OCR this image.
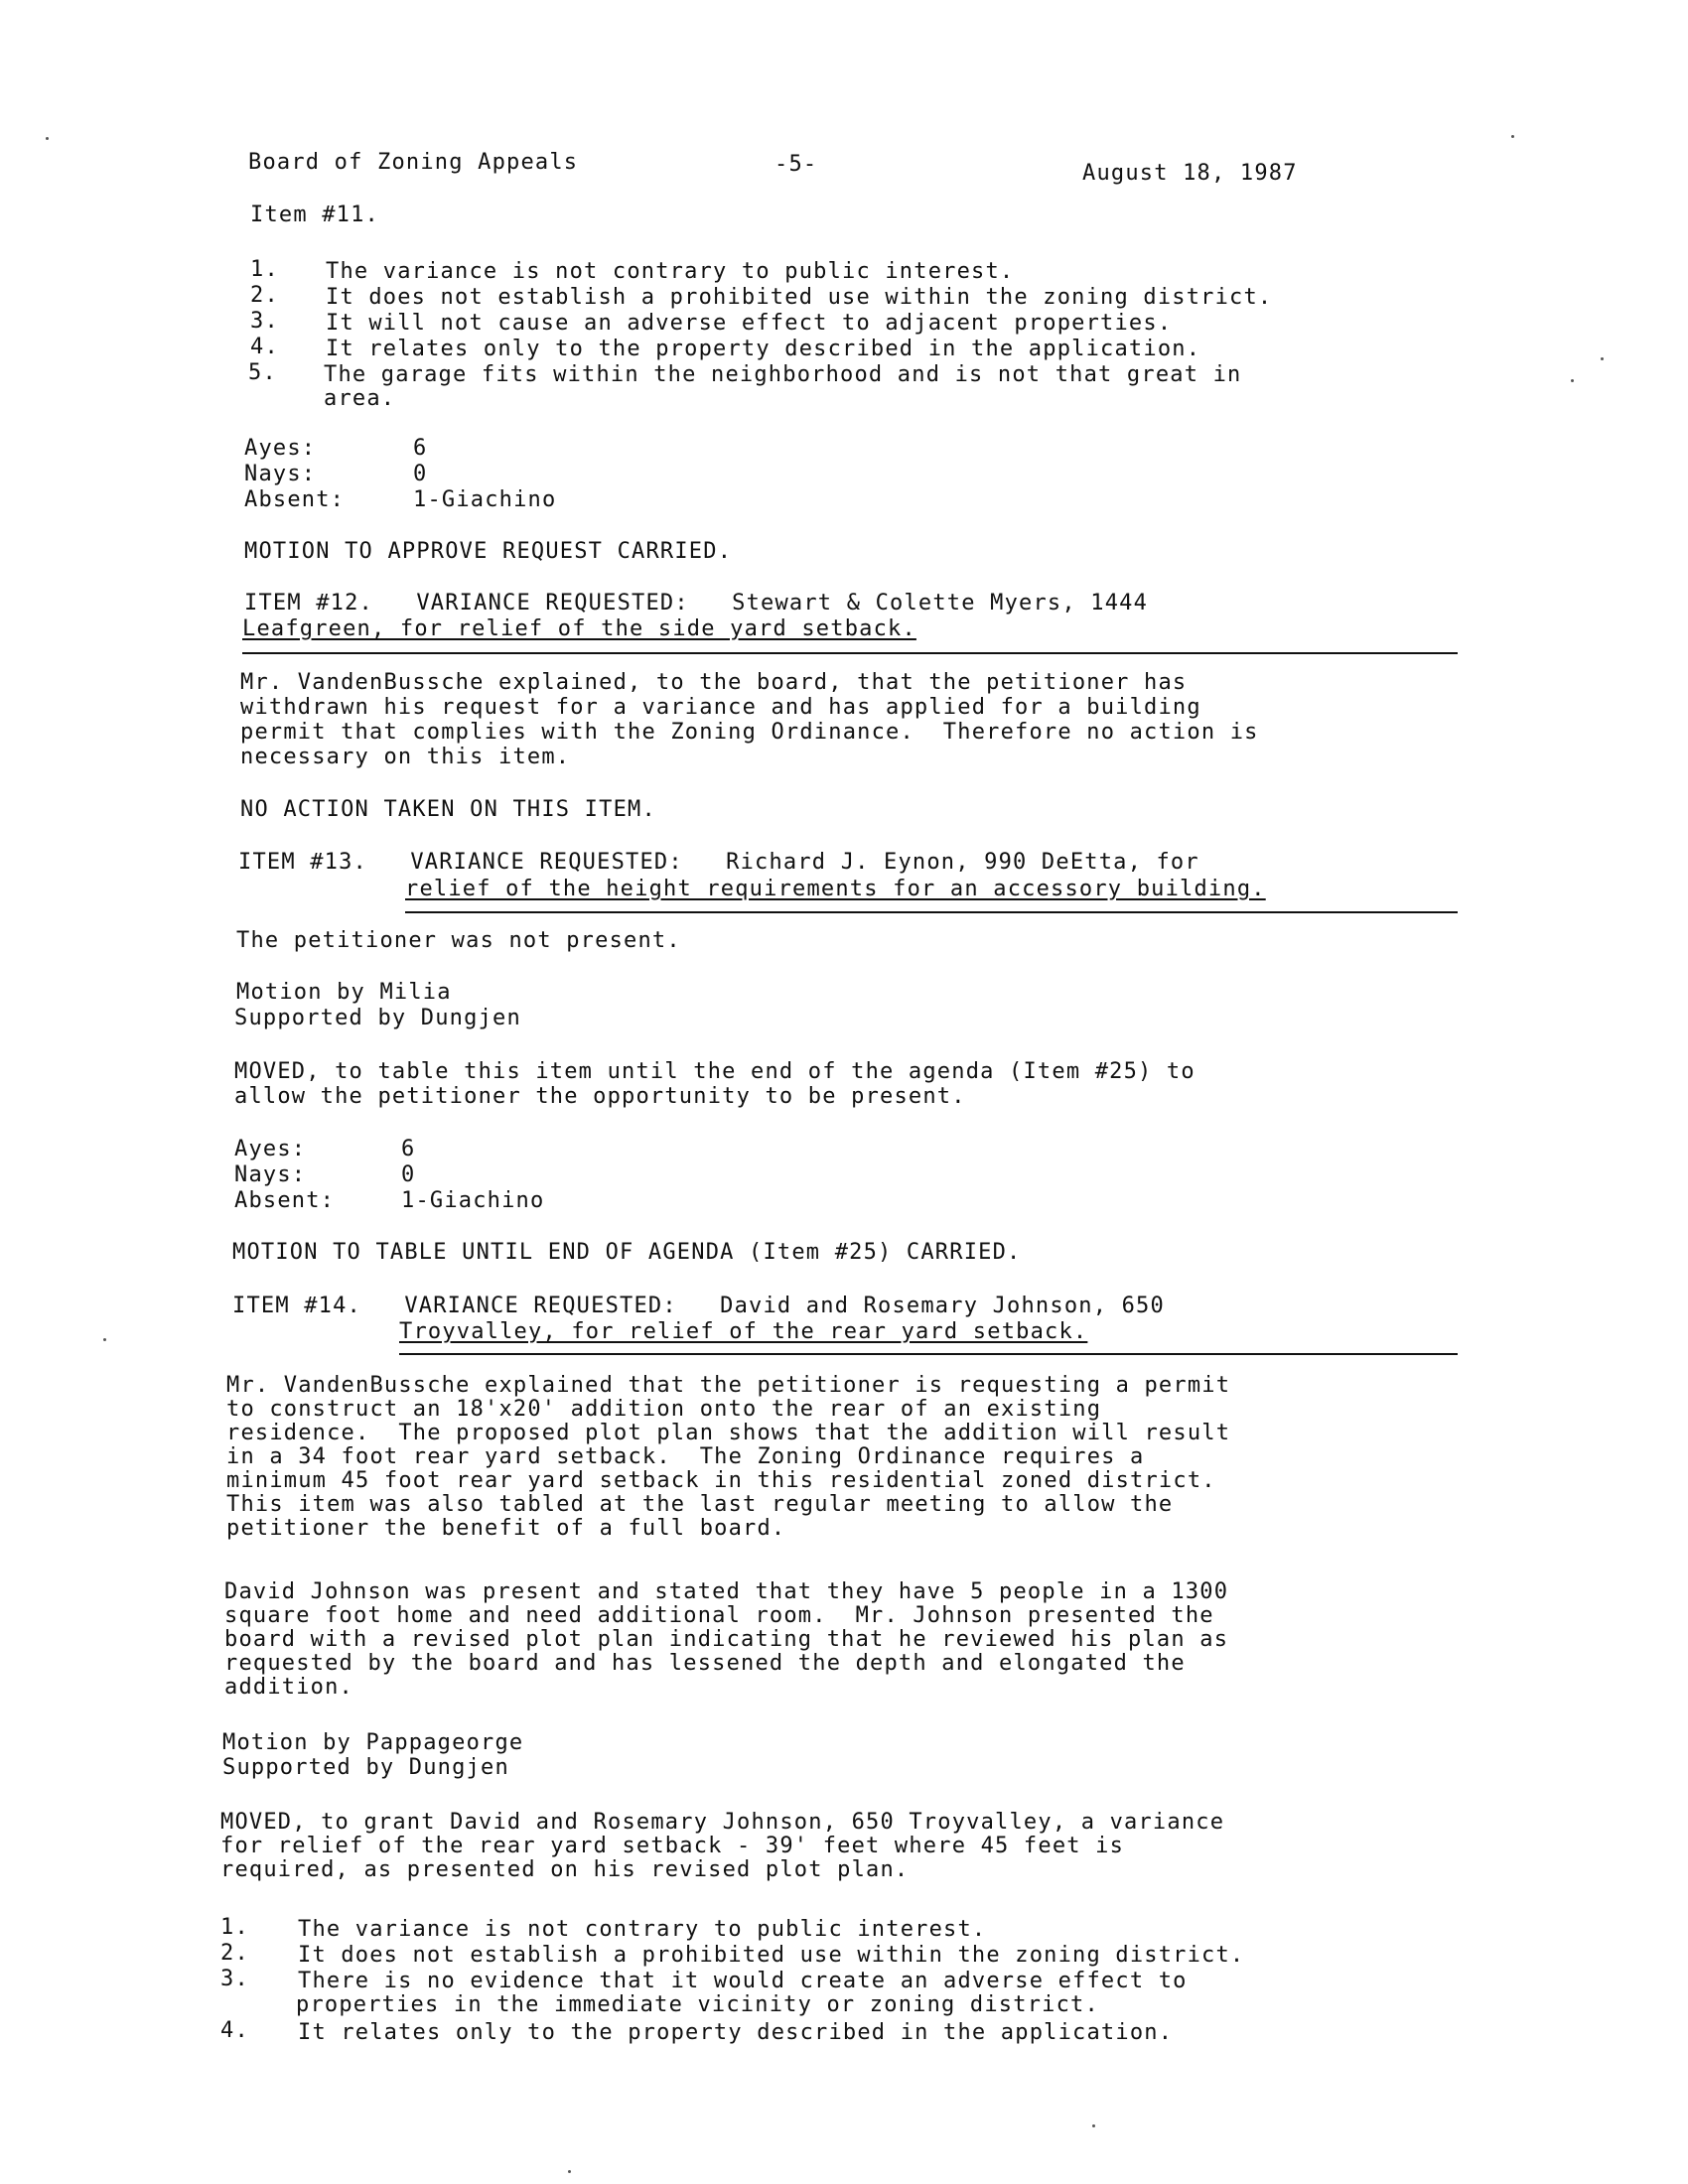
Board of Zoning Appeals	-5-	August 18, 1987
Item #11.
1. The variance is not contrary to public interest.
2. It does not establish a prohibited use within the zoning district.
3. It will not cause an adverse effect to adjacent properties.
4. It relates only to the property described in the application.
5. The garage fits within the neighborhood and is not that great in
area.
Ayes:	6
Nays:	0
Absent:	1-Giachino
MOTION TO APPROVE REQUEST CARRIED.
ITEM #12.   VARIANCE REQUESTED:   Stewart & Colette Myers, 1444
Leafgreen, for relief of the side yard setback.
Mr. VandenBussche explained, to the board, that the petitioner has
withdrawn his request for a variance and has applied for a building
permit that complies with the Zoning Ordinance.  Therefore no action is
necessary on this item.
NO ACTION TAKEN ON THIS ITEM.
ITEM #13.   VARIANCE REQUESTED:   Richard J. Eynon, 990 DeEtta, for
relief of the height requirements for an accessory building.
The petitioner was not present.
Motion by Milia
Supported by Dungjen
MOVED, to table this item until the end of the agenda (Item #25) to
allow the petitioner the opportunity to be present.
Ayes:	6
Nays:	0
Absent:	1-Giachino
MOTION TO TABLE UNTIL END OF AGENDA (Item #25) CARRIED.
ITEM #14.   VARIANCE REQUESTED:   David and Rosemary Johnson, 650
Troyvalley, for relief of the rear yard setback.
Mr. VandenBussche explained that the petitioner is requesting a permit
to construct an 18'x20' addition onto the rear of an existing
residence.  The proposed plot plan shows that the addition will result
in a 34 foot rear yard setback.  The Zoning Ordinance requires a
minimum 45 foot rear yard setback in this residential zoned district.
This item was also tabled at the last regular meeting to allow the
petitioner the benefit of a full board.
David Johnson was present and stated that they have 5 people in a 1300
square foot home and need additional room.  Mr. Johnson presented the
board with a revised plot plan indicating that he reviewed his plan as
requested by the board and has lessened the depth and elongated the
addition.
Motion by Pappageorge
Supported by Dungjen
MOVED, to grant David and Rosemary Johnson, 650 Troyvalley, a variance
for relief of the rear yard setback - 39' feet where 45 feet is
required, as presented on his revised plot plan.
1. The variance is not contrary to public interest.
2. It does not establish a prohibited use within the zoning district.
3. There is no evidence that it would create an adverse effect to
properties in the immediate vicinity or zoning district.
4. It relates only to the property described in the application.
